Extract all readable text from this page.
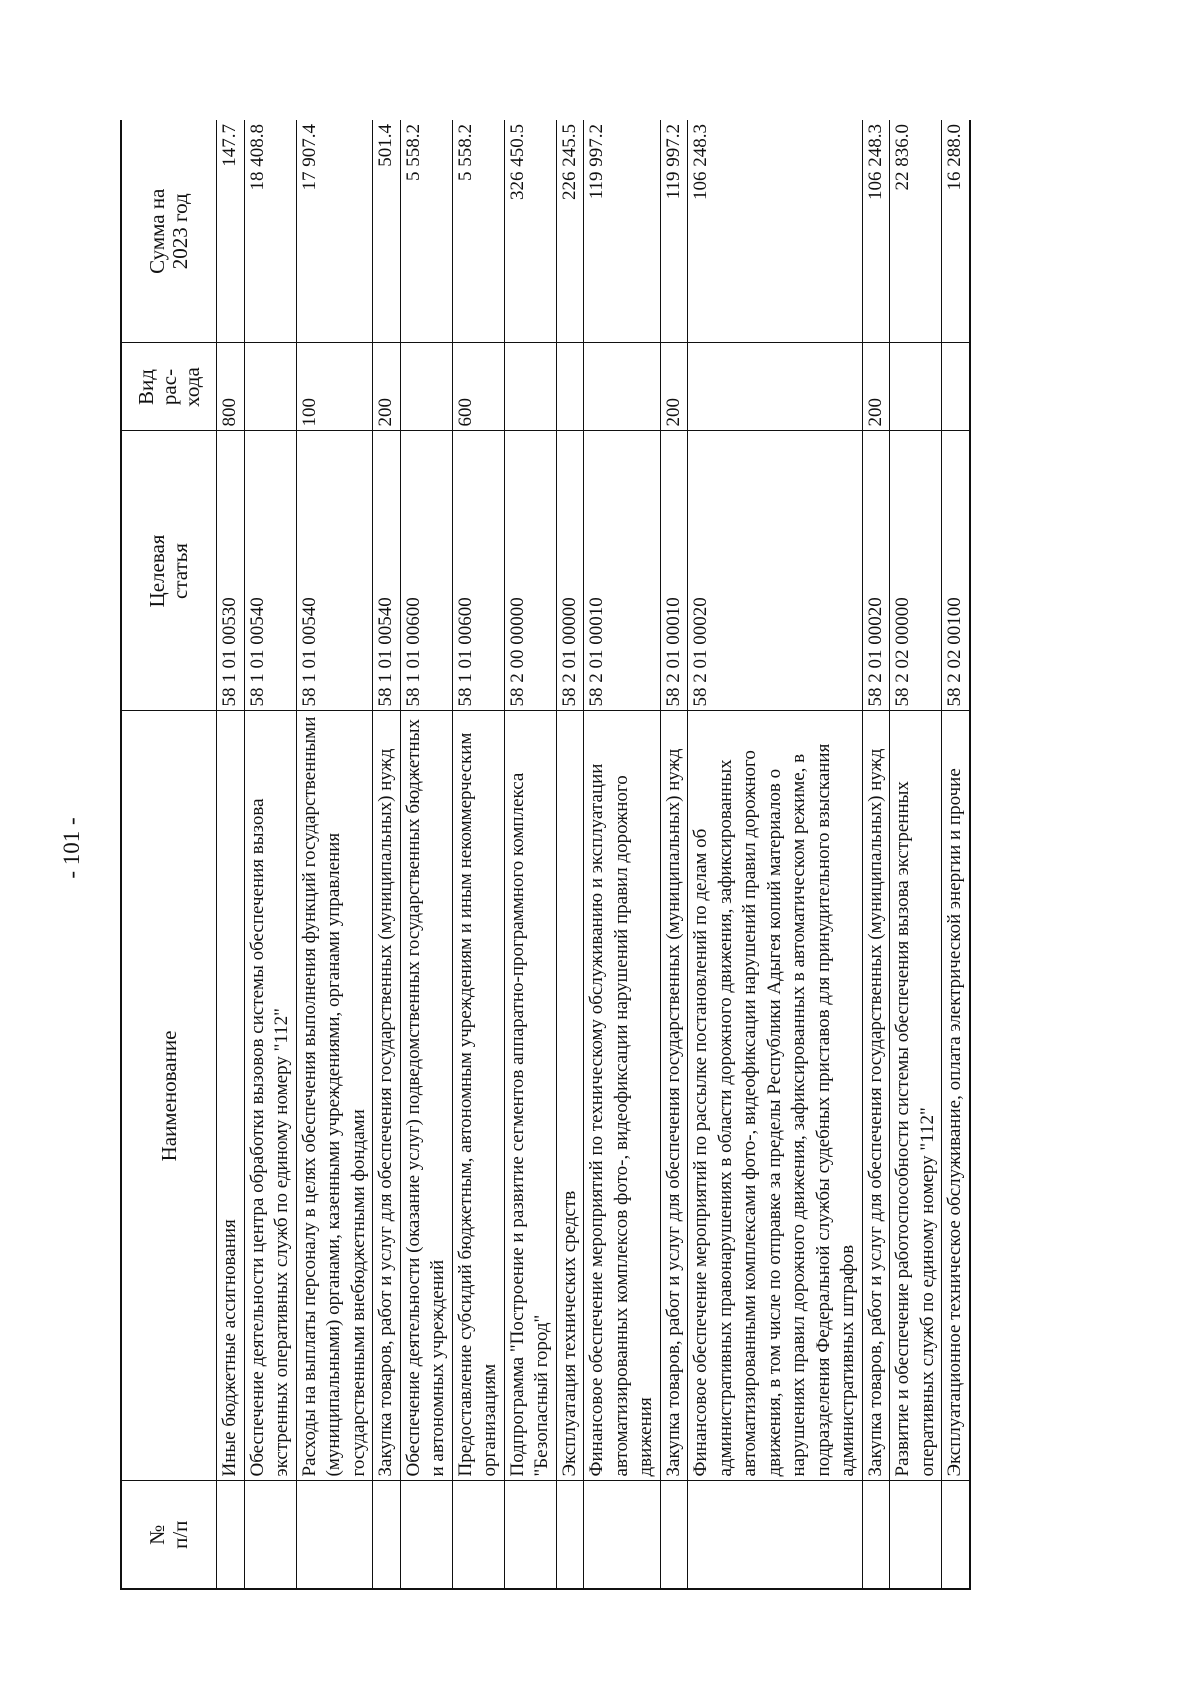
- 101 -
№ п/п	Наименование	Целевая статья	Вид рас- хода	Сумма на 2023 год

	Иные бюджетные ассигнования	58 1 01 00530	800	147.7
	Обеспечение деятельности центра обработки вызовов системы обеспечения вызова экстренных оперативных служб по единому номеру "112"	58 1 01 00540		18 408.8
	Расходы на выплаты персоналу в целях обеспечения выполнения функций государственными (муниципальными) органами, казенными учреждениями, органами управления государственными внебюджетными фондами	58 1 01 00540	100	17 907.4
	Закупка товаров, работ и услуг для обеспечения государственных (муниципальных) нужд	58 1 01 00540	200	501.4
	Обеспечение деятельности (оказание услуг) подведомственных государственных бюджетных и автономных учреждений	58 1 01 00600		5 558.2
	Предоставление субсидий бюджетным, автономным учреждениям и иным некоммерческим организациям	58 1 01 00600	600	5 558.2
	Подпрограмма "Построение и развитие сегментов аппаратно-программного комплекса "Безопасный город"	58 2 00 00000		326 450.5
	Эксплуатация технических средств	58 2 01 00000		226 245.5
	Финансовое обеспечение мероприятий по техническому обслуживанию и эксплуатации автоматизированных комплексов фото-, видеофиксации нарушений правил дорожного движения	58 2 01 00010		119 997.2
	Закупка товаров, работ и услуг для обеспечения государственных (муниципальных) нужд	58 2 01 00010	200	119 997.2
	Финансовое обеспечение мероприятий по рассылке постановлений по делам об административных правонарушениях в области дорожного движения, зафиксированных автоматизированными комплексами фото-, видеофиксации нарушений правил дорожного движения, в том числе по отправке за пределы Республики Адыгея копий материалов о нарушениях правил дорожного движения, зафиксированных в автоматическом режиме, в подразделения Федеральной службы судебных приставов для принудительного взыскания административных штрафов	58 2 01 00020		106 248.3
	Закупка товаров, работ и услуг для обеспечения государственных (муниципальных) нужд	58 2 01 00020	200	106 248.3
	Развитие и обеспечение работоспособности системы обеспечения вызова экстренных оперативных служб по единому номеру "112"	58 2 02 00000		22 836.0
	Эксплуатационное техническое обслуживание, оплата электрической энергии и прочие	58 2 02 00100		16 288.0
